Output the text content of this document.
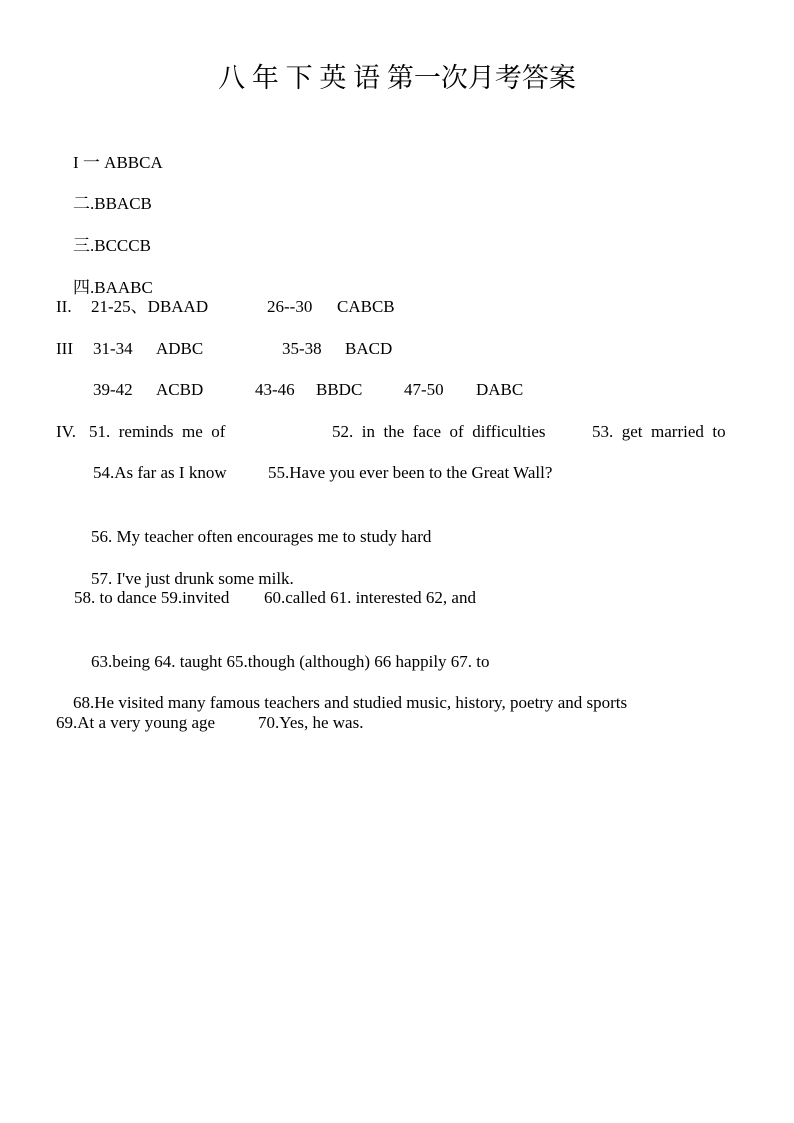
八 年 下 英 语 第一次月考答案

I 一 ABBCA

二.BBACB

三.BCCCB

四.BAABC

II.

21-25、DBAAD

	26--30

CABCB

III

31-34

ADBC

	35-38

BACD

39-42

ACBD

	43-46

BBDC

47-50

DABC

IV.

51.  reminds  me  of

	52.  in  the  face  of  difficulties

	53.  get  married  to

54.As far as I know

55.Have you ever been to the Great Wall?

56. My teacher often encourages me to study hard

57. I've just drunk some milk.

58. to dance 59.invited

60.called 61. interested 62, and

63.being 64. taught 65.though (although) 66 happily 67. to

68.He visited many famous teachers and studied music, history, poetry and sports

69.At a very young age

	70.Yes, he was.
